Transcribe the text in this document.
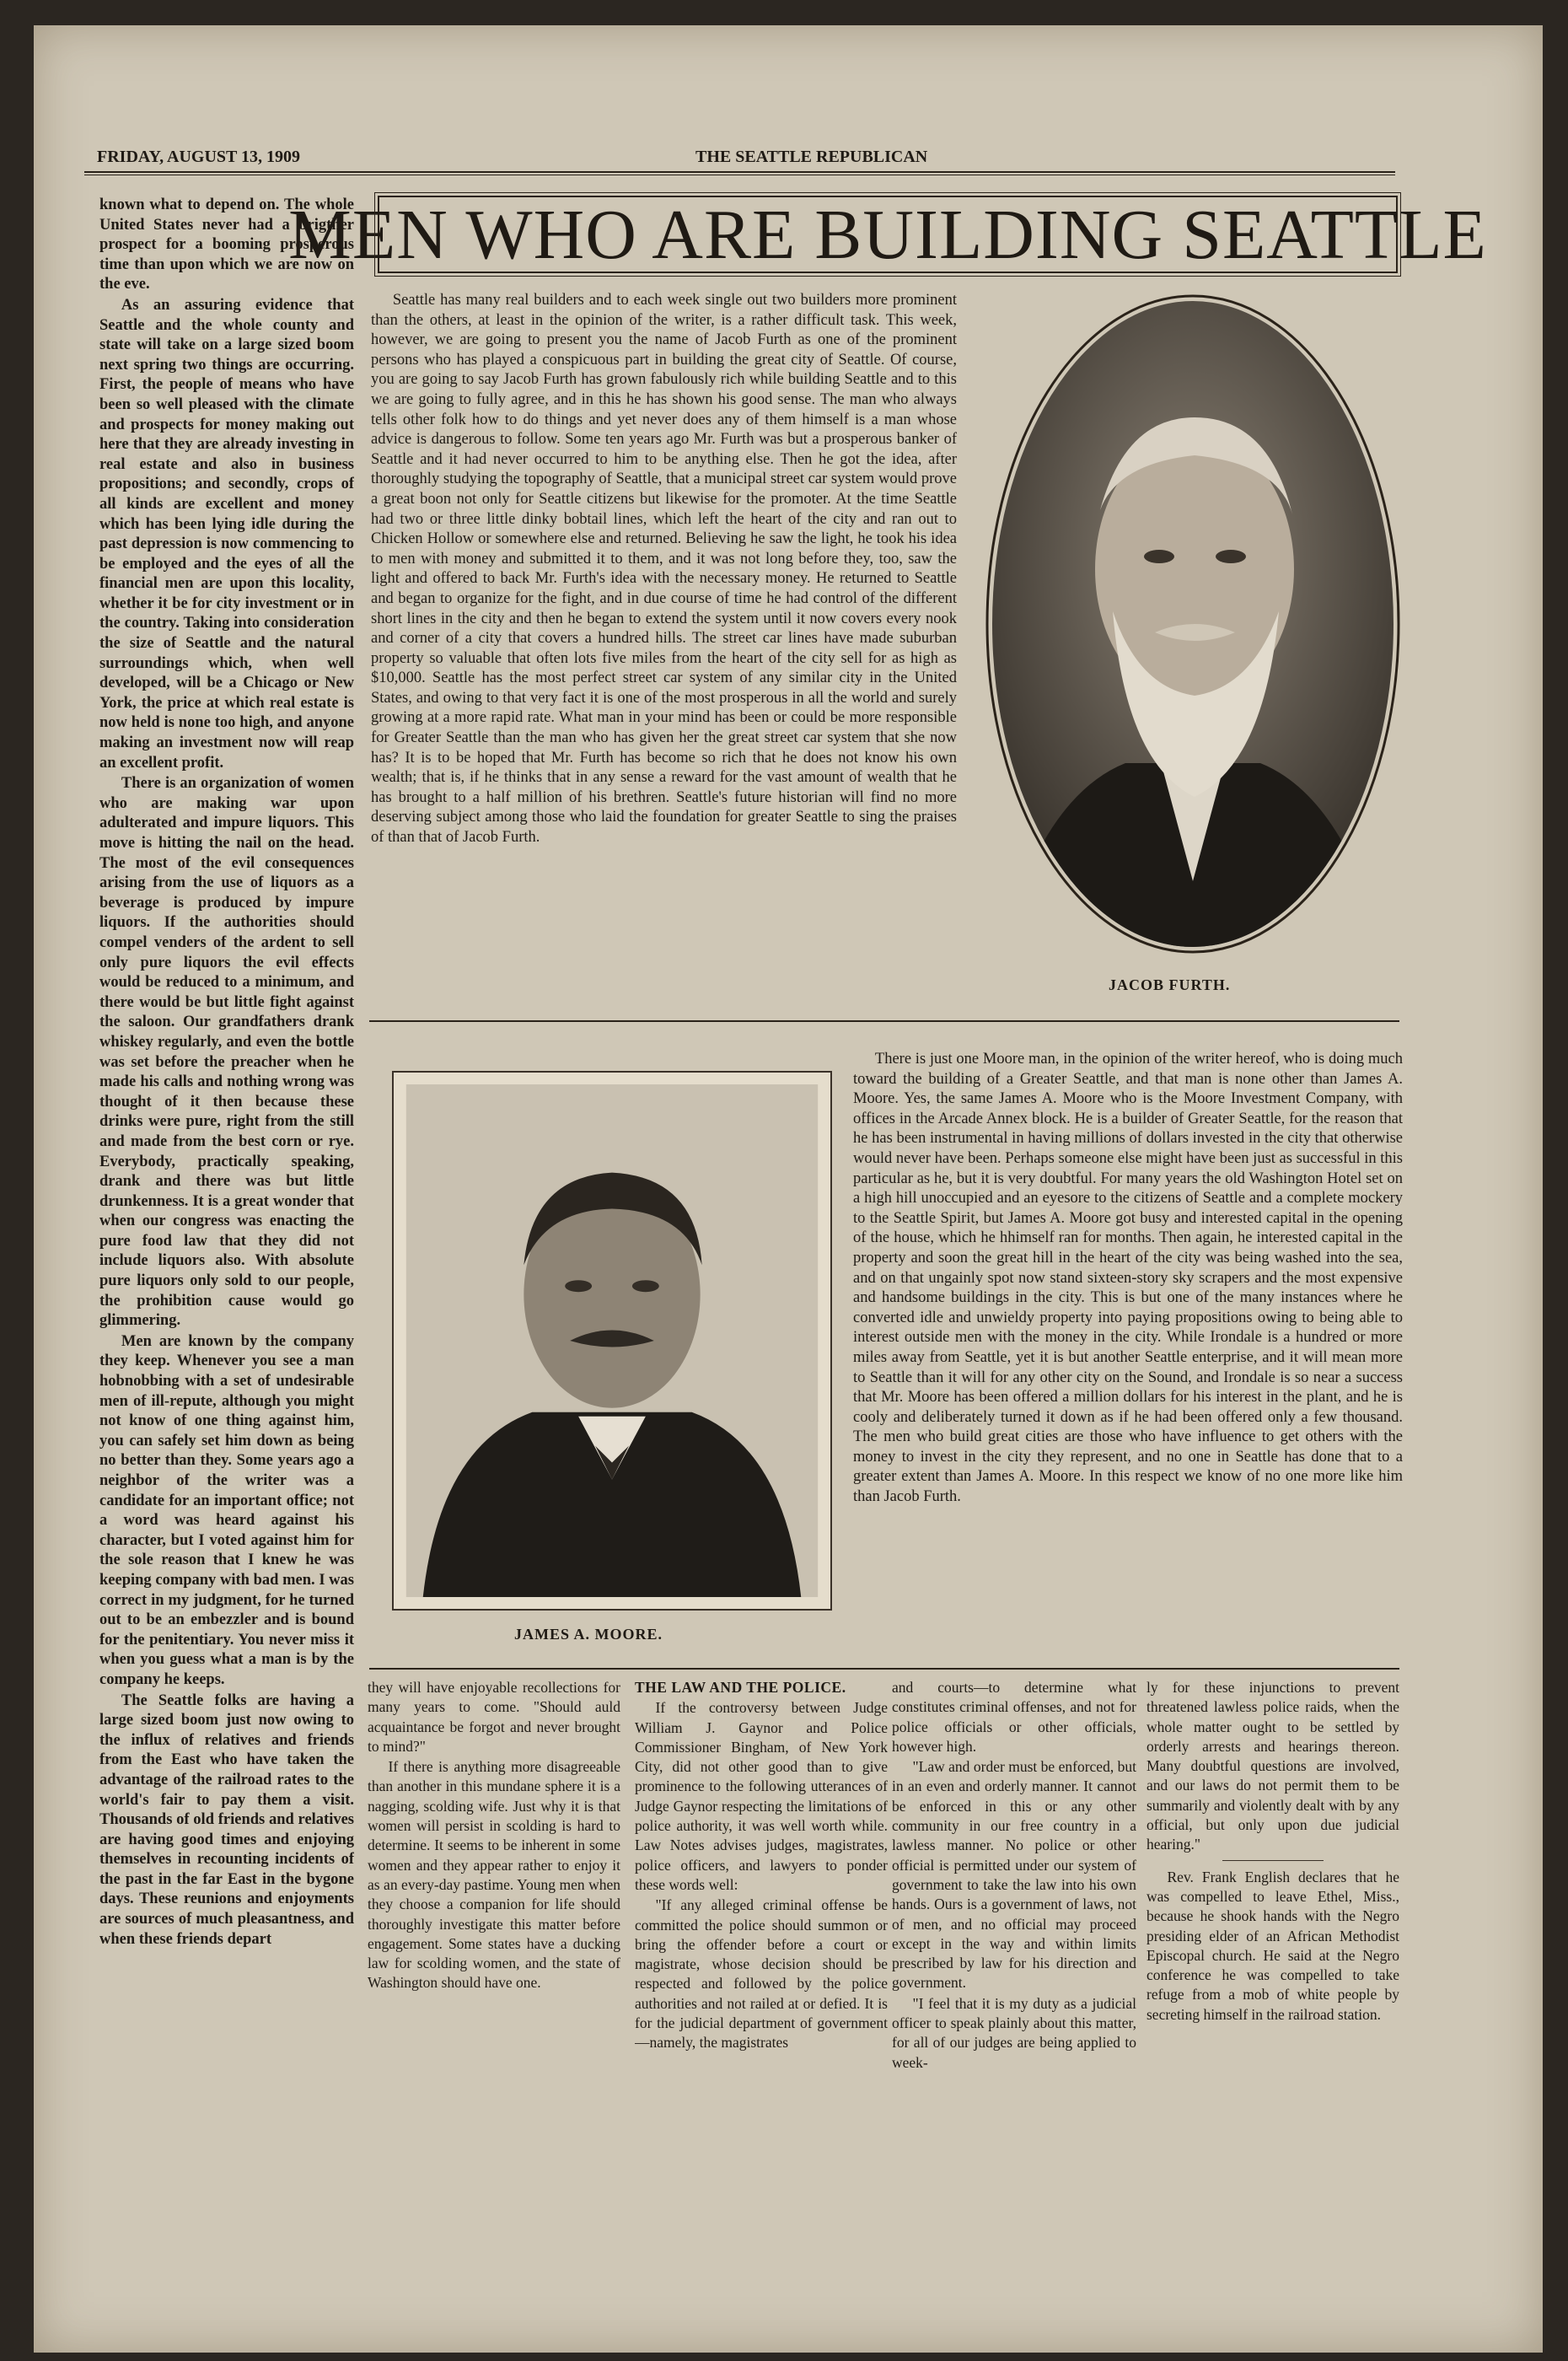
FRIDAY, AUGUST 13, 1909	THE SEATTLE REPUBLICAN

known what to depend on. The whole United States never had a brigther prospect for a booming prosperous time than upon which we are now on the eve.

As an assuring evidence that Seattle and the whole county and state will take on a large sized boom next spring two things are occurring. First, the people of means who have been so well pleased with the climate and prospects for money making out here that they are already investing in real estate and also in business propositions; and secondly, crops of all kinds are excellent and money which has been lying idle during the past depression is now commencing to be employed and the eyes of all the financial men are upon this locality, whether it be for city investment or in the country. Taking into consideration the size of Seattle and the natural surroundings which, when well developed, will be a Chicago or New York, the price at which real estate is now held is none too high, and anyone making an investment now will reap an excellent profit.

There is an organization of women who are making war upon adulterated and impure liquors. This move is hitting the nail on the head. The most of the evil consequences arising from the use of liquors as a beverage is produced by impure liquors. If the authorities should compel venders of the ardent to sell only pure liquors the evil effects would be reduced to a minimum, and there would be but little fight against the saloon. Our grandfathers drank whiskey regularly, and even the bottle was set before the preacher when he made his calls and nothing wrong was thought of it then because these drinks were pure, right from the still and made from the best corn or rye. Everybody, practically speaking, drank and there was but little drunkenness. It is a great wonder that when our congress was enacting the pure food law that they did not include liquors also. With absolute pure liquors only sold to our people, the prohibition cause would go glimmering.

Men are known by the company they keep. Whenever you see a man hobnobbing with a set of undesirable men of ill-repute, although you might not know of one thing against him, you can safely set him down as being no better than they. Some years ago a neighbor of the writer was a candidate for an important office; not a word was heard against his character, but I voted against him for the sole reason that I knew he was keeping company with bad men. I was correct in my judgment, for he turned out to be an embezzler and is bound for the penitentiary. You never miss it when you guess what a man is by the company he keeps.

The Seattle folks are having a large sized boom just now owing to the influx of relatives and friends from the East who have taken the advantage of the railroad rates to the world's fair to pay them a visit. Thousands of old friends and relatives are having good times and enjoying themselves in recounting incidents of the past in the far East in the bygone days. These reunions and enjoyments are sources of much pleasantness, and when these friends depart

MEN WHO ARE BUILDING SEATTLE

Seattle has many real builders and to each week single out two builders more prominent than the others, at least in the opinion of the writer, is a rather difficult task. This week, however, we are going to present you the name of Jacob Furth as one of the prominent persons who has played a conspicuous part in building the great city of Seattle. Of course, you are going to say Jacob Furth has grown fabulously rich while building Seattle and to this we are going to fully agree, and in this he has shown his good sense. The man who always tells other folk how to do things and yet never does any of them himself is a man whose advice is dangerous to follow. Some ten years ago Mr. Furth was but a prosperous banker of Seattle and it had never occurred to him to be anything else. Then he got the idea, after thoroughly studying the topography of Seattle, that a municipal street car system would prove a great boon not only for Seattle citizens but likewise for the promoter. At the time Seattle had two or three little dinky bobtail lines, which left the heart of the city and ran out to Chicken Hollow or somewhere else and returned. Believing he saw the light, he took his idea to men with money and submitted it to them, and it was not long before they, too, saw the light and offered to back Mr. Furth's idea with the necessary money. He returned to Seattle and began to organize for the fight, and in due course of time he had control of the different short lines in the city and then he began to extend the system until it now covers every nook and corner of a city that covers a hundred hills. The street car lines have made suburban property so valuable that often lots five miles from the heart of the city sell for as high as $10,000. Seattle has the most perfect street car system of any similar city in the United States, and owing to that very fact it is one of the most prosperous in all the world and surely growing at a more rapid rate. What man in your mind has been or could be more responsible for Greater Seattle than the man who has given her the great street car system that she now has? It is to be hoped that Mr. Furth has become so rich that he does not know his own wealth; that is, if he thinks that in any sense a reward for the vast amount of wealth that he has brought to a half million of his brethren. Seattle's future historian will find no more deserving subject among those who laid the foundation for greater Seattle to sing the praises of than that of Jacob Furth.

JACOB FURTH.
JAMES A. MOORE.

There is just one Moore man, in the opinion of the writer hereof, who is doing much toward the building of a Greater Seattle, and that man is none other than James A. Moore. Yes, the same James A. Moore who is the Moore Investment Company, with offices in the Arcade Annex block. He is a builder of Greater Seattle, for the reason that he has been instrumental in having millions of dollars invested in the city that otherwise would never have been. Perhaps someone else might have been just as successful in this particular as he, but it is very doubtful. For many years the old Washington Hotel set on a high hill unoccupied and an eyesore to the citizens of Seattle and a complete mockery to the Seattle Spirit, but James A. Moore got busy and interested capital in the opening of the house, which he hhimself ran for months. Then again, he interested capital in the property and soon the great hill in the heart of the city was being washed into the sea, and on that ungainly spot now stand sixteen-story sky scrapers and the most expensive and handsome buildings in the city. This is but one of the many instances where he converted idle and unwieldy property into paying propositions owing to being able to interest outside men with the money in the city. While Irondale is a hundred or more miles away from Seattle, yet it is but another Seattle enterprise, and it will mean more to Seattle than it will for any other city on the Sound, and Irondale is so near a success that Mr. Moore has been offered a million dollars for his interest in the plant, and he is cooly and deliberately turned it down as if he had been offered only a few thousand. The men who build great cities are those who have influence to get others with the money to invest in the city they represent, and no one in Seattle has done that to a greater extent than James A. Moore. In this respect we know of no one more like him than Jacob Furth.

they will have enjoyable recollections for many years to come. "Should auld acquaintance be forgot and never brought to mind?"

If there is anything more disagreeable than another in this mundane sphere it is a nagging, scolding wife. Just why it is that women will persist in scolding is hard to determine. It seems to be inherent in some women and they appear rather to enjoy it as an every-day pastime. Young men when they choose a companion for life should thoroughly investigate this matter before engagement. Some states have a ducking law for scolding women, and the state of Washington should have one.

THE LAW AND THE POLICE.

If the controversy between Judge William J. Gaynor and Police Commissioner Bingham, of New York City, did not other good than to give prominence to the following utterances of Judge Gaynor respecting the limitations of police authority, it was well worth while. Law Notes advises judges, magistrates, police officers, and lawyers to ponder these words well:

"If any alleged criminal offense be committed the police should summon or bring the offender before a court or magistrate, whose decision should be respected and followed by the police authorities and not railed at or defied. It is for the judicial department of government—namely, the magistrates

and courts—to determine what constitutes criminal offenses, and not for police officials or other officials, however high.

"Law and order must be enforced, but in an even and orderly manner. It cannot be enforced in this or any other community in our free country in a lawless manner. No police or other official is permitted under our system of government to take the law into his own hands. Ours is a government of laws, not of men, and no official may proceed except in the way and within limits prescribed by law for his direction and government.

"I feel that it is my duty as a judicial officer to speak plainly about this matter, for all of our judges are being applied to week-

ly for these injunctions to prevent threatened lawless police raids, when the whole matter ought to be settled by orderly arrests and hearings thereon. Many doubtful questions are involved, and our laws do not permit them to be summarily and violently dealt with by any official, but only upon due judicial hearing."

Rev. Frank English declares that he was compelled to leave Ethel, Miss., because he shook hands with the Negro presiding elder of an African Methodist Episcopal church. He said at the Negro conference he was compelled to take refuge from a mob of white people by secreting himself in the railroad station.
